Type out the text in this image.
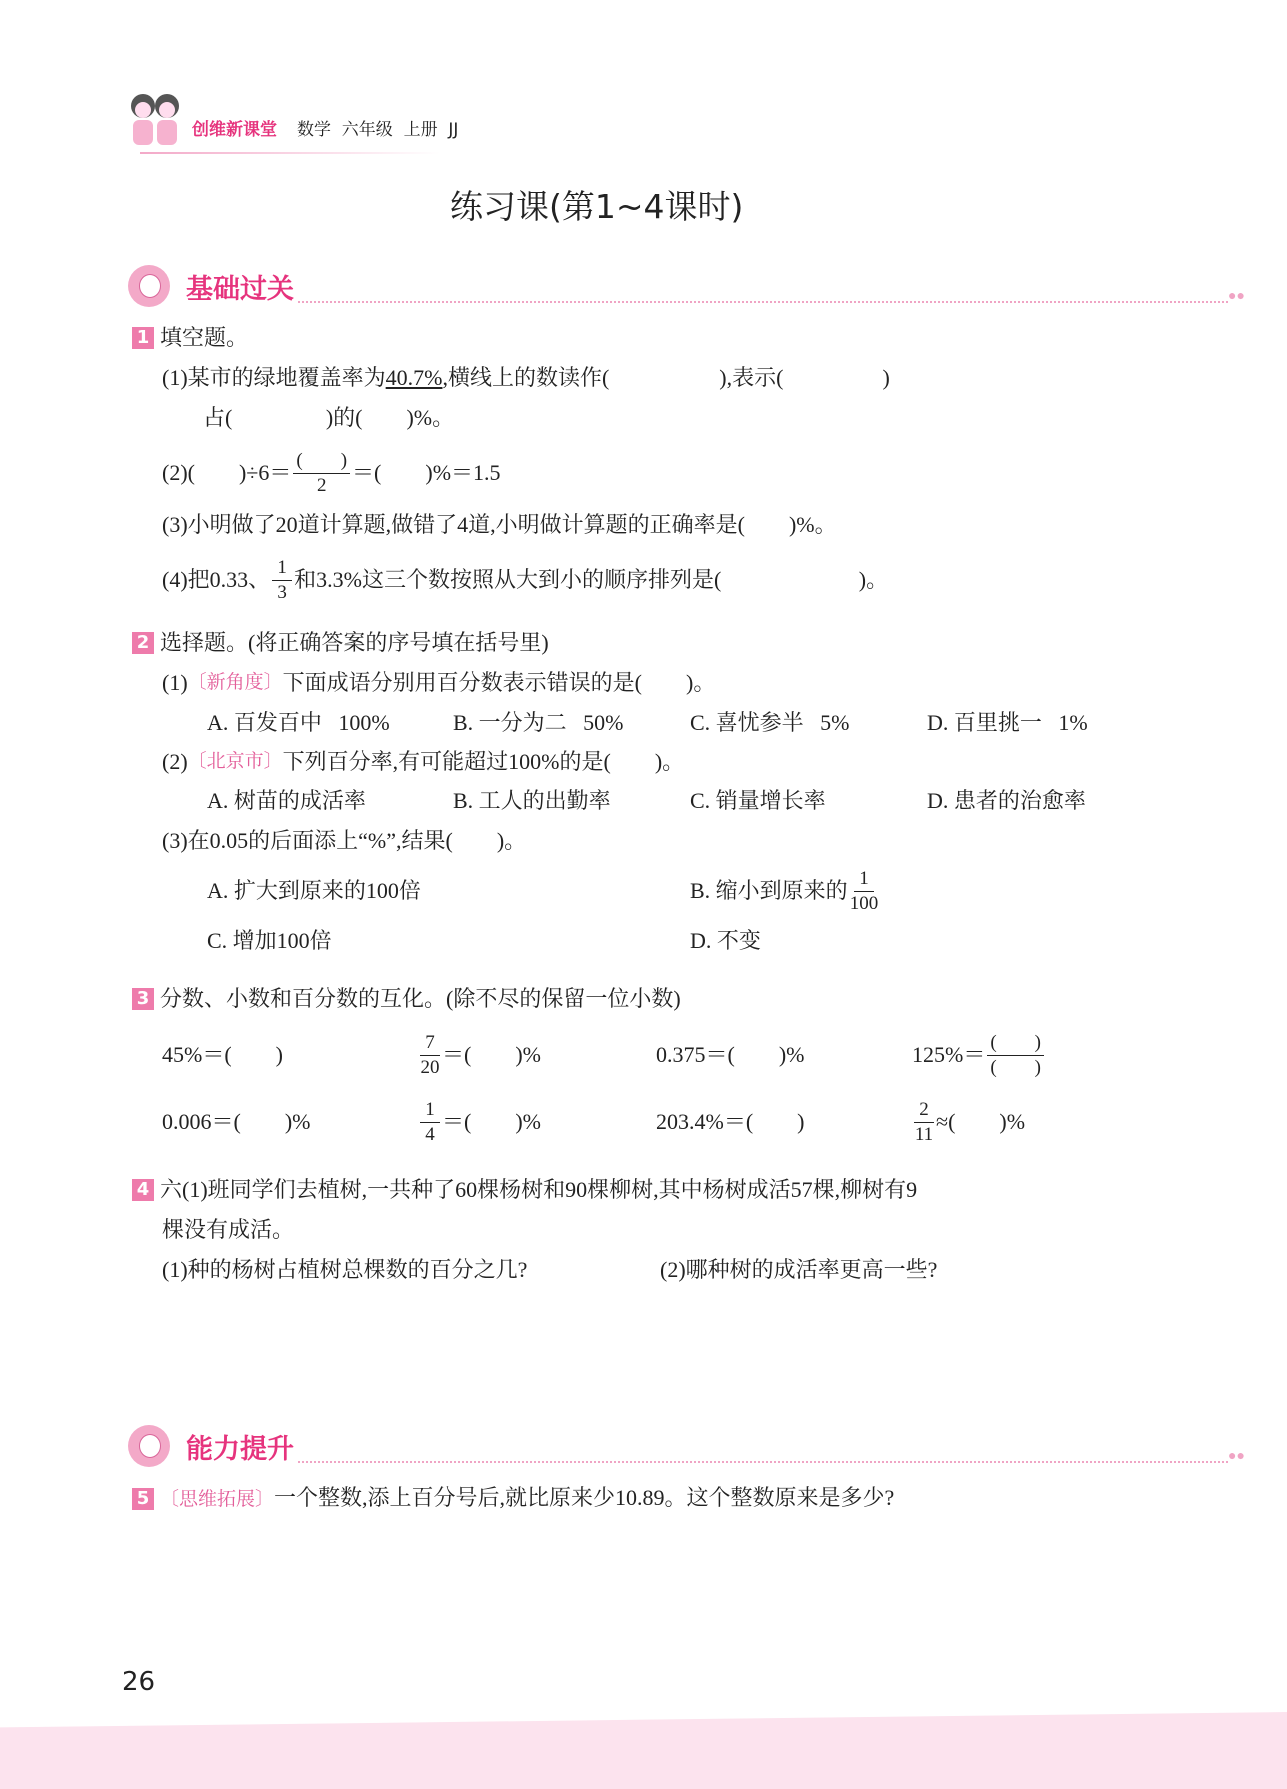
创维新课堂 数学  六年级  上册  JJ
练习课(第1~4课时)
基础过关	●●
1 填空题。
(1)某市的绿地覆盖率为 40.7% ,横线上的数读作(                    ),表示(                  )
占(                 )的(        )%。
(2)(        )$\div 6= \frac{( )}{2}$ ＝(        )%＝1.5
(3)小明做了20道计算题,做错了4道,小明做计算题的正确率是(        )%。
(4)把0.33、 $\frac{1}{3}$ 和3.3%这三个数按照从大到小的顺序排列是(                         )。
2 选择题。(将正确答案的序号填在括号里)
(1) 〔新角度〕 下面成语分别用百分数表示错误的是(        )。
A. 百发百中   100%	B. 一分为二   50%	C. 喜忧参半   5%	D. 百里挑一   1%
(2) 〔北京市〕 下列百分率,有可能超过100%的是(        )。
A. 树苗的成活率	B. 工人的出勤率	C. 销量增长率	D. 患者的治愈率
(3)在0.05的后面添上“%”,结果(        )。
A. 扩大到原来的100倍	B. 缩小到原来的 $\frac{1}{100}$
C. 增加100倍	D. 不变
3 分数、小数和百分数的互化。(除不尽的保留一位小数)
45%＝(        )	$\frac{7}{20}$ ＝(        )%	0.375＝(        )%	$125\%= \frac{( )}{( )}$
0.006＝(        )%	$\frac{1}{4}$ ＝(        )%	203.4%＝(        )	$\frac{2}{11}$ ≈(        )%
4 六(1)班同学们去植树,一共种了60棵杨树和90棵柳树,其中杨树成活57棵,柳树有9
棵没有成活。
(1)种的杨树占植树总棵数的百分之几?	(2)哪种树的成活率更高一些?
能力提升	●●
5 〔思维拓展〕一个整数,添上百分号后,就比原来少10.89。这个整数原来是多少?
26
